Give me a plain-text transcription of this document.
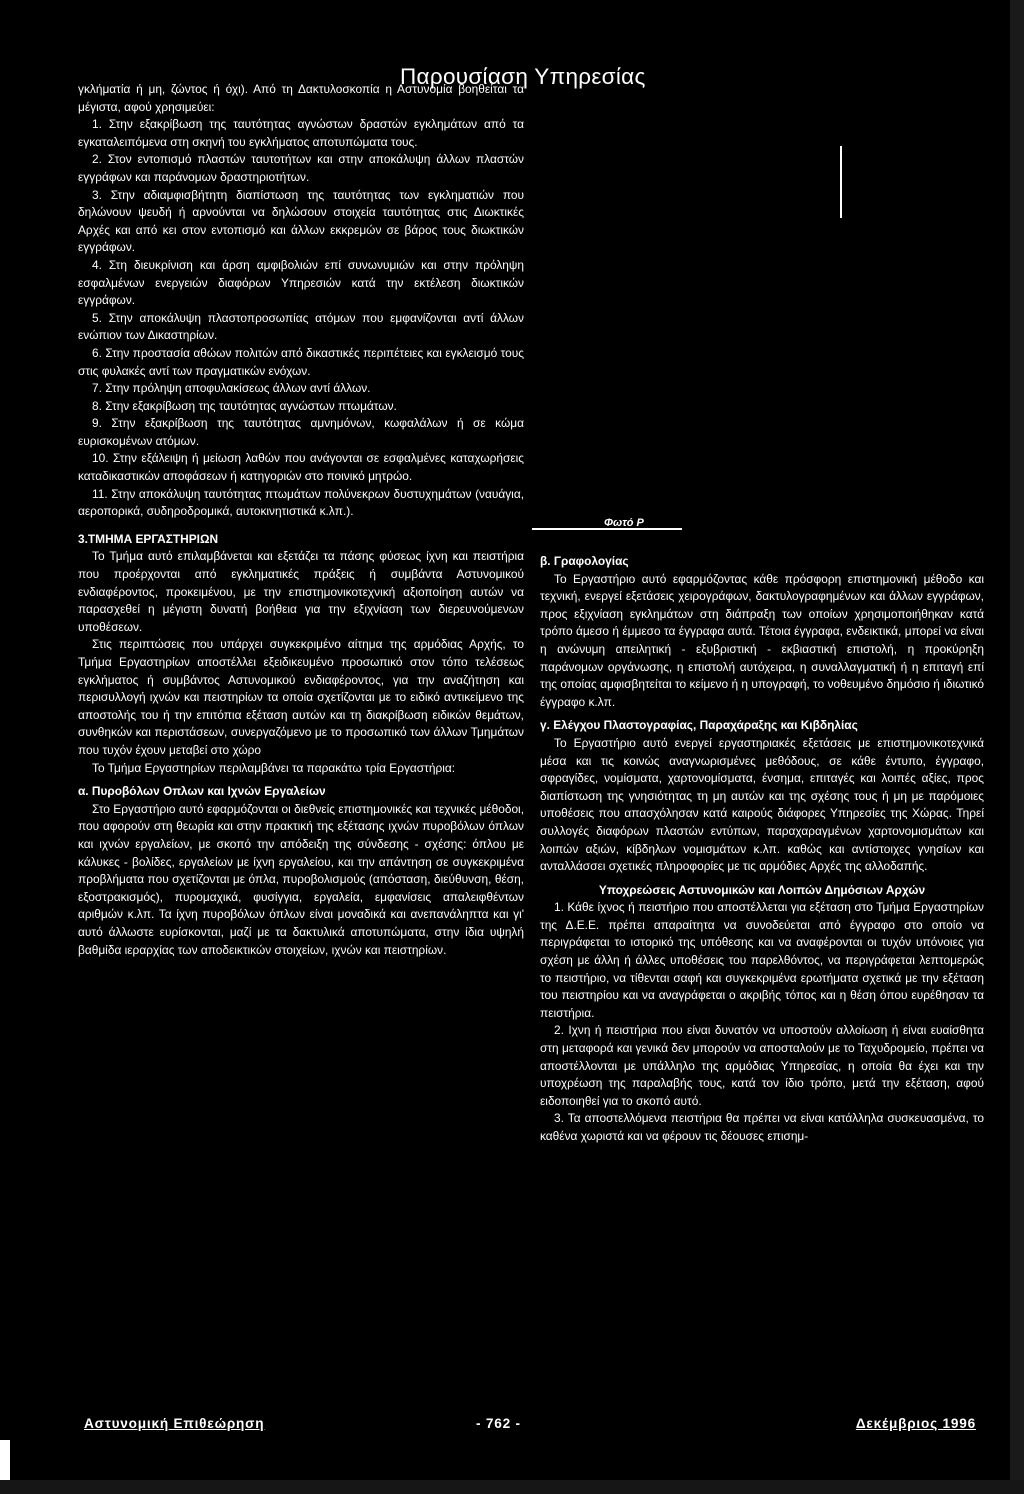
Παρουσίαση Υπηρεσίας

γκλήματία ή μη, ζώντος ή όχι). Από τη Δακτυλοσκοπία η Αστυνομία βοηθείται τα μέγιστα, αφού χρησιμεύει:

1. Στην εξακρίβωση της ταυτότητας αγνώστων δραστών εγκλημάτων από τα εγκαταλειπόμενα στη σκηνή του εγκλήματος αποτυπώματα τους.

2. Στον εντοπισμό πλαστών ταυτοτήτων και στην αποκάλυψη άλλων πλαστών εγγράφων και παράνομων δραστηριοτήτων.

3. Στην αδιαμφισβήτητη διαπίστωση της ταυτότητας των εγκληματιών που δηλώνουν ψευδή ή αρνούνται να δηλώσουν στοιχεία ταυτότητας στις Διωκτικές Αρχές και από κει στον εντοπισμό και άλλων εκκρεμών σε βάρος τους διωκτικών εγγράφων.

4. Στη διευκρίνιση και άρση αμφιβολιών επί συνωνυμιών και στην πρόληψη εσφαλμένων ενεργειών διαφόρων Υπηρεσιών κατά την εκτέλεση διωκτικών εγγράφων.

5. Στην αποκάλυψη πλαστοπροσωπίας ατόμων που εμφανίζονται αντί άλλων ενώπιον των Δικαστηρίων.

6. Στην προστασία αθώων πολιτών από δικαστικές περιπέτειες και εγκλεισμό τους στις φυλακές αντί των πραγματικών ενόχων.

7. Στην πρόληψη αποφυλακίσεως άλλων αντί άλλων.

8. Στην εξακρίβωση της ταυτότητας αγνώστων πτωμάτων.

9. Στην εξακρίβωση της ταυτότητας αμνημόνων, κωφαλάλων ή σε κώμα ευρισκομένων ατόμων.

10. Στην εξάλειψη ή μείωση λαθών που ανάγονται σε εσφαλμένες καταχωρήσεις καταδικαστικών αποφάσεων ή κατηγοριών στο ποινικό μητρώο.

11. Στην αποκάλυψη ταυτότητας πτωμάτων πολύνεκρων δυστυχημάτων (ναυάγια, αεροπορικά, συδηροδρομικά, αυτοκινητιστικά κ.λπ.).

3.ΤΜΗΜΑ ΕΡΓΑΣΤΗΡΙΩΝ

Το Τμήμα αυτό επιλαμβάνεται και εξετάζει τα πάσης φύσεως ίχνη και πειστήρια που προέρχονται από εγκληματικές πράξεις ή συμβάντα Αστυνομικού ενδιαφέροντος, προκειμένου, με την επιστημονικοτεχνική αξιοποίηση αυτών να παρασχεθεί η μέγιστη δυνατή βοήθεια για την εξιχνίαση των διερευνούμενων υποθέσεων.

Στις περιπτώσεις που υπάρχει συγκεκριμένο αίτημα της αρμόδιας Αρχής, το Τμήμα Εργαστηρίων αποστέλλει εξειδικευμένο προσωπικό στον τόπο τελέσεως εγκλήματος ή συμβάντος Αστυνομικού ενδιαφέροντος, για την αναζήτηση και περισυλλογή ιχνών και πειστηρίων τα οποία σχετίζονται με το ειδικό αντικείμενο της αποστολής του ή την επιτόπια εξέταση αυτών και τη διακρίβωση ειδικών θεμάτων, συνθηκών και περιστάσεων, συνεργαζόμενο με το προσωπικό των άλλων Τμημάτων που τυχόν έχουν μεταβεί στο χώρο

Το Τμήμα Εργαστηρίων περιλαμβάνει τα παρακάτω τρία Εργαστήρια:

α. Πυροβόλων Οπλων και Ιχνών Εργαλείων

Στο Εργαστήριο αυτό εφαρμόζονται οι διεθνείς επιστημονικές και τεχνικές μέθοδοι, που αφορούν στη θεωρία και στην πρακτική της εξέτασης ιχνών πυροβόλων όπλων και ιχνών εργαλείων, με σκοπό την απόδειξη της σύνδεσης - σχέσης: όπλου με κάλυκες - βολίδες, εργαλείων με ίχνη εργαλείου, και την απάντηση σε συγκεκριμένα προβλήματα που σχετίζονται με όπλα, πυροβολισμούς (απόσταση, διεύθυνση, θέση, εξοστρακισμός), πυρομαχικά, φυσίγγια, εργαλεία, εμφανίσεις απαλειφθέντων αριθμών κ.λπ. Τα ίχνη πυροβόλων όπλων είναι μοναδικά και ανεπανάληπτα και γι' αυτό άλλωστε ευρίσκονται, μαζί με τα δακτυλικά αποτυπώματα, στην ίδια υψηλή βαθμίδα ιεραρχίας των αποδεικτικών στοιχείων, ιχνών και πειστηρίων.

Φωτό Ρ

β. Γραφολογίας

Το Εργαστήριο αυτό εφαρμόζοντας κάθε πρόσφορη επιστημονική μέθοδο και τεχνική, ενεργεί εξετάσεις χειρογράφων, δακτυλογραφημένων και άλλων εγγράφων, προς εξιχνίαση εγκλημάτων στη διάπραξη των οποίων χρησιμοποιήθηκαν κατά τρόπο άμεσο ή έμμεσο τα έγγραφα αυτά. Τέτοια έγγραφα, ενδεικτικά, μπορεί να είναι η ανώνυμη απειλητική - εξυβριστική - εκβιαστική επιστολή, η προκύρηξη παράνομων οργάνωσης, η επιστολή αυτόχειρα, η συναλλαγματική ή η επιταγή επί της οποίας αμφισβητείται το κείμενο ή η υπογραφή, το νοθευμένο δημόσιο ή ιδιωτικό έγγραφο κ.λπ.

γ. Ελέγχου Πλαστογραφίας, Παραχάραξης και Κιβδηλίας

Το Εργαστήριο αυτό ενεργεί εργαστηριακές εξετάσεις με επιστημονικοτεχνικά μέσα και τις κοινώς αναγνωρισμένες μεθόδους, σε κάθε έντυπο, έγγραφο, σφραγίδες, νομίσματα, χαρτονομίσματα, ένσημα, επιταγές και λοιπές αξίες, προς διαπίστωση της γνησιότητας τη μη αυτών και της σχέσης τους ή μη με παρόμοιες υποθέσεις που απασχόλησαν κατά καιρούς διάφορες Υπηρεσίες της Χώρας. Τηρεί συλλογές διαφόρων πλαστών εντύπων, παραχαραγμένων χαρτονομισμάτων και λοιπών αξιών, κίβδηλων νομισμάτων κ.λπ. καθώς και αντίστοιχες γνησίων και ανταλλάσσει σχετικές πληροφορίες με τις αρμόδιες Αρχές της αλλοδαπής.

Υποχρεώσεις Αστυνομικών και Λοιπών Δημόσιων Αρχών

1. Κάθε ίχνος ή πειστήριο που αποστέλλεται για εξέταση στο Τμήμα Εργαστηρίων της Δ.Ε.Ε. πρέπει απαραίτητα να συνοδεύεται από έγγραφο στο οποίο να περιγράφεται το ιστορικό της υπόθεσης και να αναφέρονται οι τυχόν υπόνοιες για σχέση με άλλη ή άλλες υποθέσεις του παρελθόντος, να περιγράφεται λεπτομερώς το πειστήριο, να τίθενται σαφή και συγκεκριμένα ερωτήματα σχετικά με την εξέταση του πειστηρίου και να αναγράφεται ο ακριβής τόπος και η θέση όπου ευρέθησαν τα πειστήρια.

2. Ιχνη ή πειστήρια που είναι δυνατόν να υποστούν αλλοίωση ή είναι ευαίσθητα στη μεταφορά και γενικά δεν μπορούν να αποσταλούν με το Ταχυδρομείο, πρέπει να αποστέλλονται με υπάλληλο της αρμόδιας Υπηρεσίας, η οποία θα έχει και την υποχρέωση της παραλαβής τους, κατά τον ίδιο τρόπο, μετά την εξέταση, αφού ειδοποιηθεί για το σκοπό αυτό.

3. Τα αποστελλόμενα πειστήρια θα πρέπει να είναι κατάλληλα συσκευασμένα, το καθένα χωριστά και να φέρουν τις δέουσες επισημ-

Αστυνομική Επιθεώρηση	- 762 -	Δεκέμβριος 1996
